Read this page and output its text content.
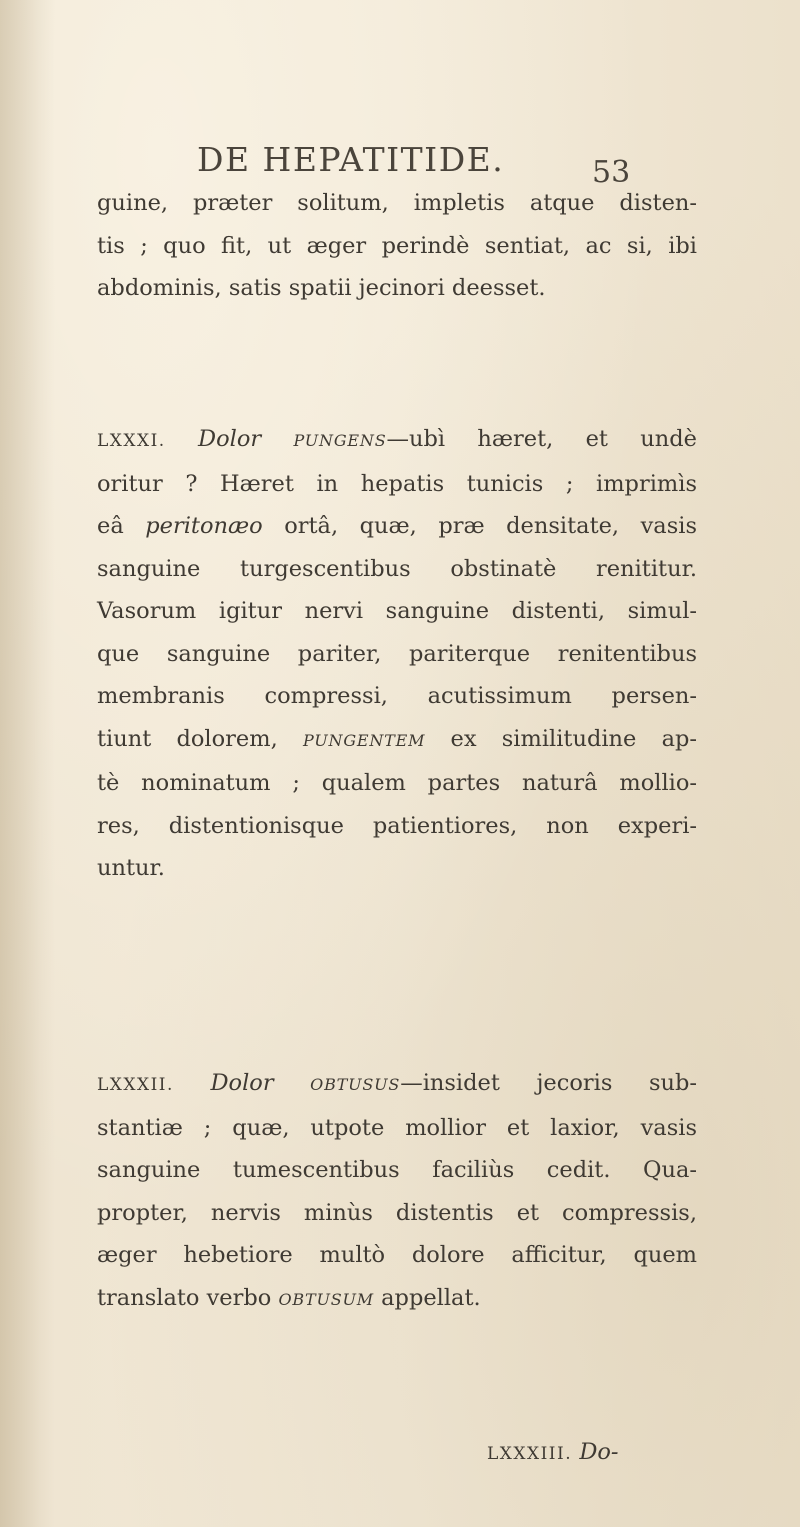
DE HEPATITIDE.	53
guine, præter solitum, impletis atque disten-
tis ; quo fit, ut æger perindè sentiat, ac si, ibi
abdominis, satis spatii jecinori deesset.
LXXXI. Dolor PUNGENS—ubì hæret, et undè
oritur ? Hæret in hepatis tunicis ; imprimìs
eâ peritonæo ortâ, quæ, præ densitate, vasis
sanguine turgescentibus obstinatè renititur.
Vasorum igitur nervi sanguine distenti, simul-
que sanguine pariter, pariterque renitentibus
membranis compressi, acutissimum persen-
tiunt dolorem, PUNGENTEM ex similitudine ap-
tè nominatum ; qualem partes naturâ mollio-
res, distentionisque patientiores, non experi-
untur.
LXXXII. Dolor OBTUSUS—insidet jecoris sub-
stantiæ ; quæ, utpote mollior et laxior, vasis
sanguine tumescentibus faciliùs cedit. Qua-
propter, nervis minùs distentis et compressis,
æger hebetiore multò dolore afficitur, quem
translato verbo OBTUSUM appellat.
LXXXIII. Do-
